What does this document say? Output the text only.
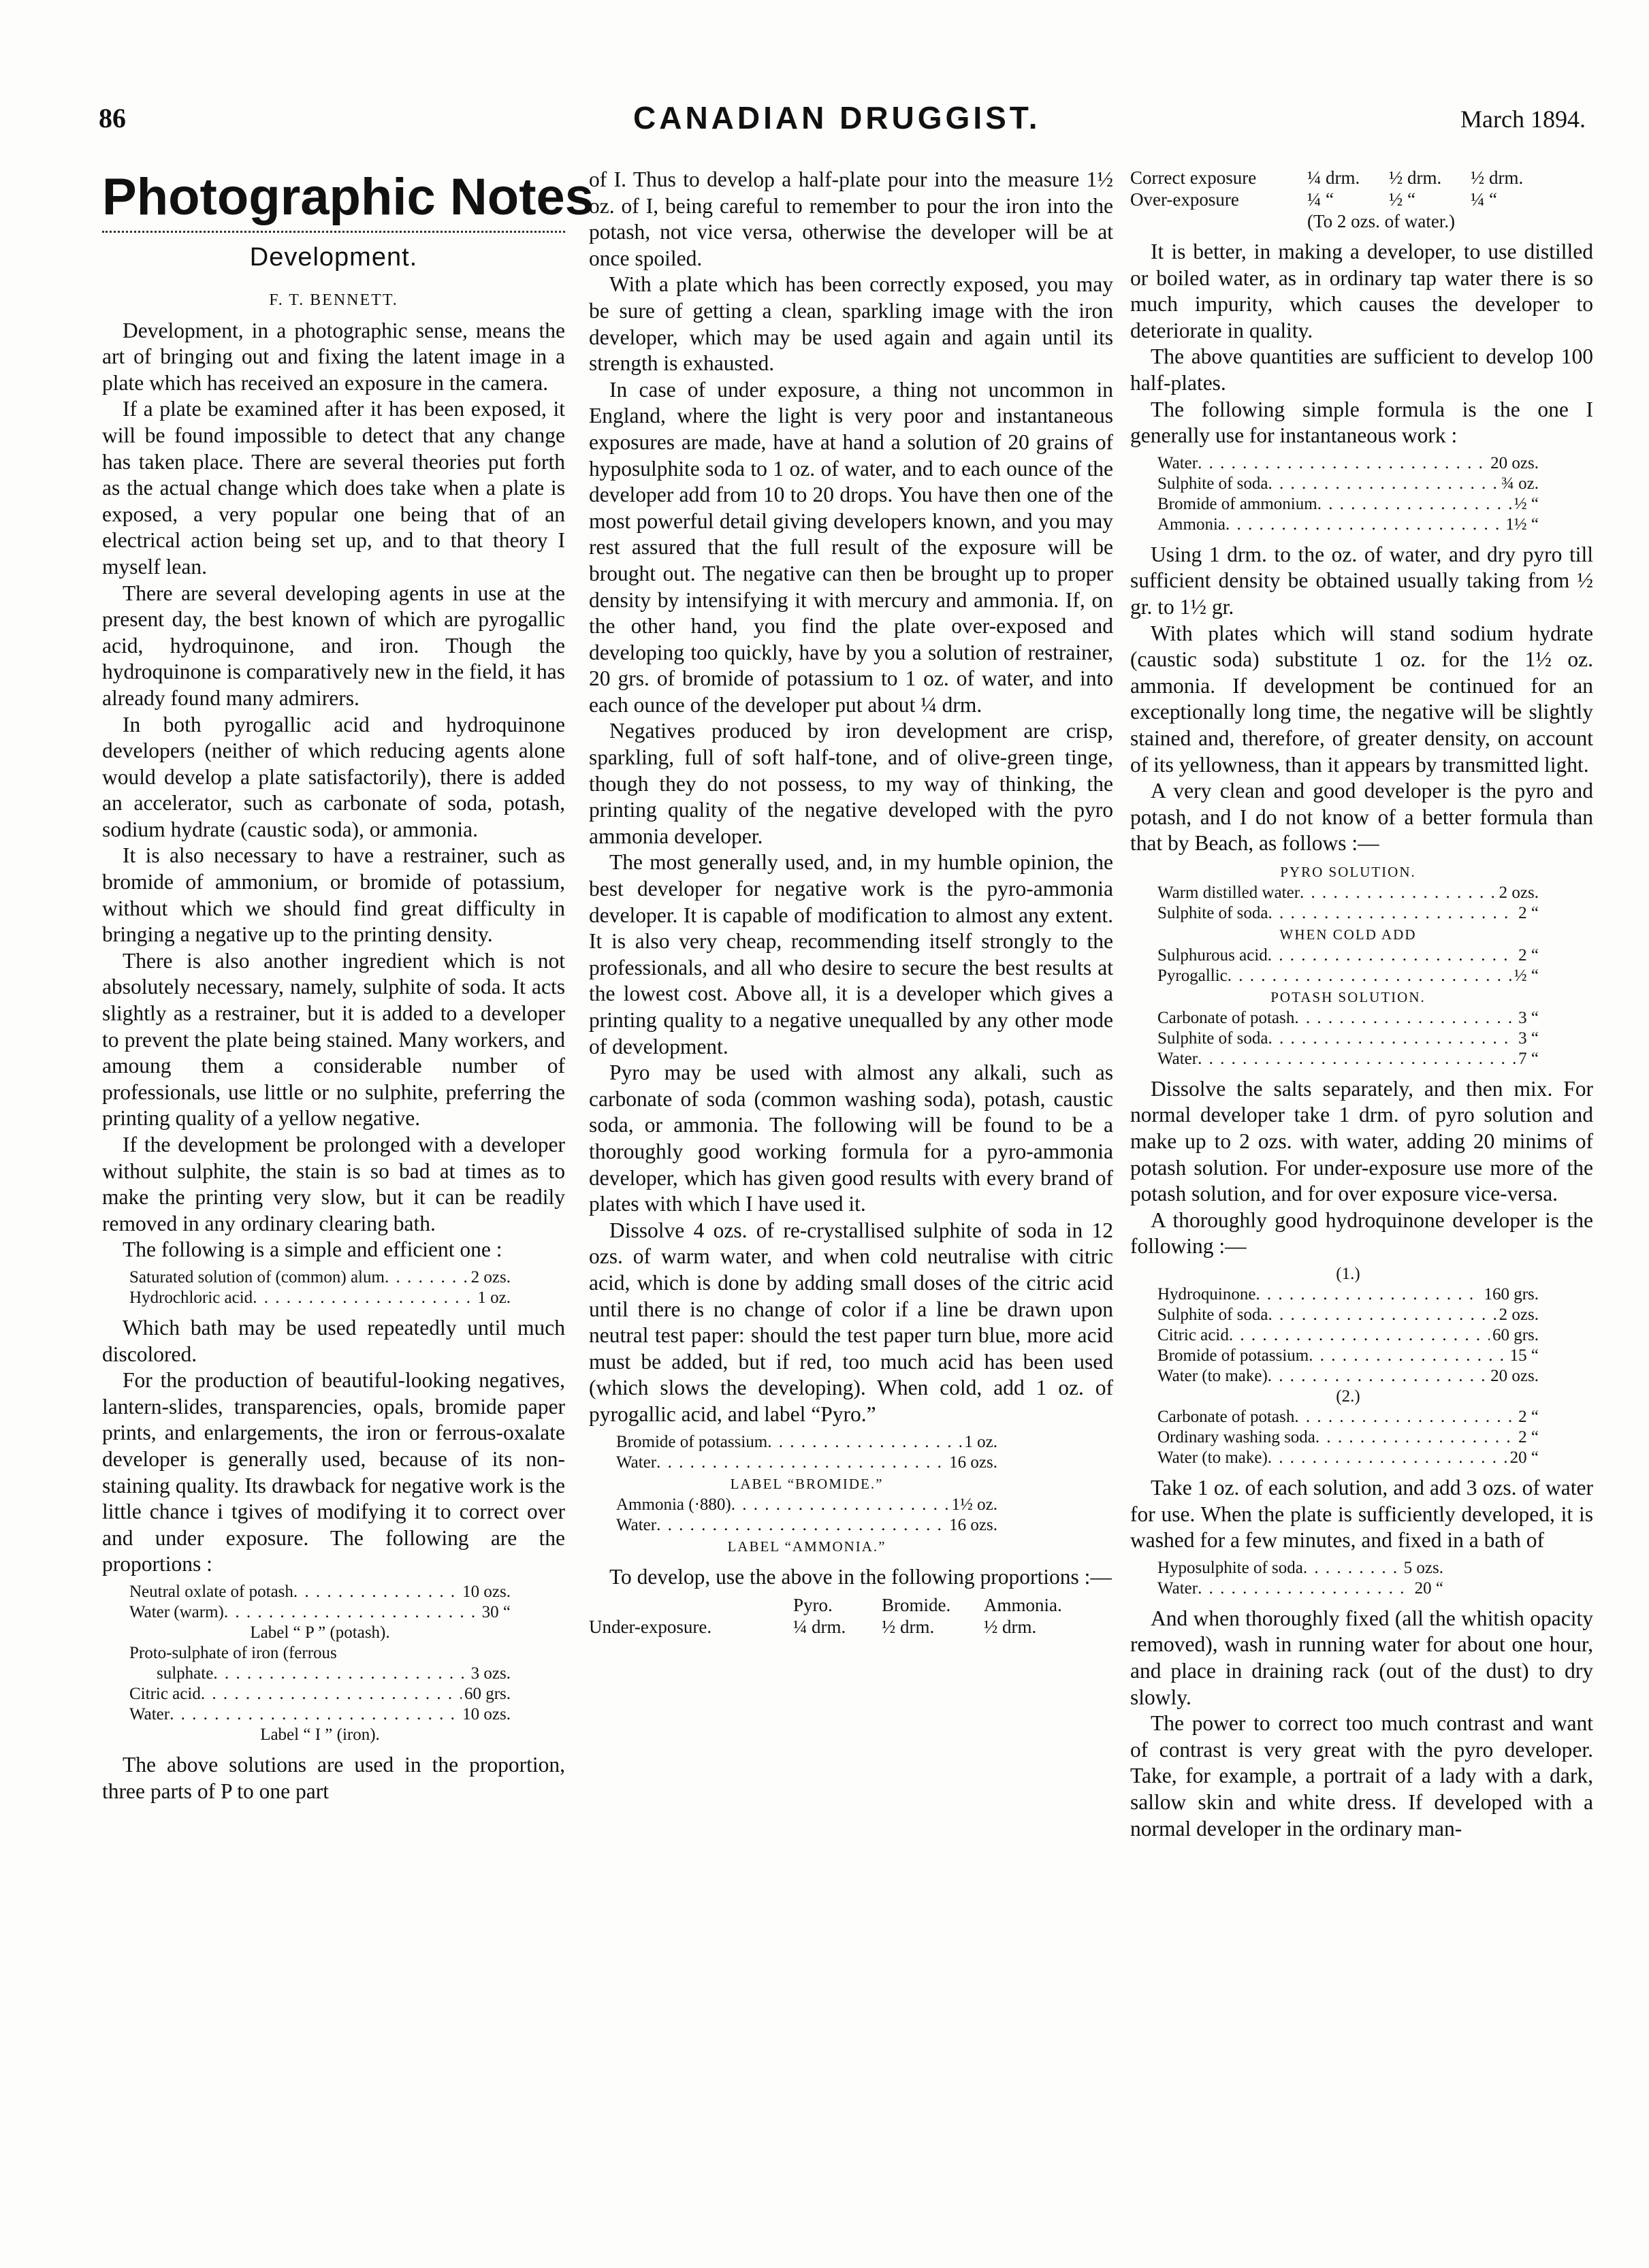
86	CANADIAN DRUGGIST.	March 1894.
Photographic Notes
Development.
F. T. BENNETT.

Development, in a photographic sense, means the art of bringing out and fixing the latent image in a plate which has received an exposure in the camera.

If a plate be examined after it has been exposed, it will be found impossible to detect that any change has taken place. There are several theories put forth as the actual change which does take when a plate is exposed, a very popular one being that of an electrical action being set up, and to that theory I myself lean.

There are several developing agents in use at the present day, the best known of which are pyrogallic acid, hydroquinone, and iron. Though the hydroquinone is comparatively new in the field, it has already found many admirers.

In both pyrogallic acid and hydroquinone developers (neither of which reducing agents alone would develop a plate satisfactorily), there is added an accelerator, such as carbonate of soda, potash, sodium hydrate (caustic soda), or ammonia.

It is also necessary to have a restrainer, such as bromide of ammonium, or bromide of potassium, without which we should find great difficulty in bringing a negative up to the printing density.

There is also another ingredient which is not absolutely necessary, namely, sulphite of soda. It acts slightly as a restrainer, but it is added to a developer to prevent the plate being stained. Many workers, and amoung them a considerable number of professionals, use little or no sulphite, preferring the printing quality of a yellow negative.

If the development be prolonged with a developer without sulphite, the stain is so bad at times as to make the printing very slow, but it can be readily removed in any ordinary clearing bath.

The following is a simple and efficient one :

Saturated solution of (common) alum . . .	2 ozs.
Hydrochloric acid . . .	1 oz.

Which bath may be used repeatedly until much discolored.

For the production of beautiful-looking negatives, lantern-slides, transparencies, opals, bromide paper prints, and enlargements, the iron or ferrous-oxalate developer is generally used, because of its non-staining quality. Its drawback for negative work is the little chance i tgives of modifying it to correct over and under exposure. The following are the proportions :

Neutral oxlate of potash . . .	10 ozs.
Water (warm) . . .	30 “
Label “ P ” (potash).
Proto-sulphate of iron (ferrous
sulphate . . .	3 ozs.
Citric acid . . .	60 grs.
Water . . .	10 ozs.
Label “ I ” (iron).

The above solutions are used in the proportion, three parts of P to one part

of I. Thus to develop a half-plate pour into the measure 1½ oz. of I, being careful to remember to pour the iron into the potash, not vice versa, otherwise the developer will be at once spoiled.

With a plate which has been correctly exposed, you may be sure of getting a clean, sparkling image with the iron developer, which may be used again and again until its strength is exhausted.

In case of under exposure, a thing not uncommon in England, where the light is very poor and instantaneous exposures are made, have at hand a solution of 20 grains of hyposulphite soda to 1 oz. of water, and to each ounce of the developer add from 10 to 20 drops. You have then one of the most powerful detail giving developers known, and you may rest assured that the full result of the exposure will be brought out. The negative can then be brought up to proper density by intensifying it with mercury and ammonia. If, on the other hand, you find the plate over-exposed and developing too quickly, have by you a solution of restrainer, 20 grs. of bromide of potassium to 1 oz. of water, and into each ounce of the developer put about ¼ drm.

Negatives produced by iron development are crisp, sparkling, full of soft half-tone, and of olive-green tinge, though they do not possess, to my way of thinking, the printing quality of the negative developed with the pyro ammonia developer.

The most generally used, and, in my humble opinion, the best developer for negative work is the pyro-ammonia developer. It is capable of modification to almost any extent. It is also very cheap, recommending itself strongly to the professionals, and all who desire to secure the best results at the lowest cost. Above all, it is a developer which gives a printing quality to a negative unequalled by any other mode of development.

Pyro may be used with almost any alkali, such as carbonate of soda (common washing soda), potash, caustic soda, or ammonia. The following will be found to be a thoroughly good working formula for a pyro-ammonia developer, which has given good results with every brand of plates with which I have used it.

Dissolve 4 ozs. of re-crystallised sulphite of soda in 12 ozs. of warm water, and when cold neutralise with citric acid, which is done by adding small doses of the citric acid until there is no change of color if a line be drawn upon neutral test paper: should the test paper turn blue, more acid must be added, but if red, too much acid has been used (which slows the developing). When cold, add 1 oz. of pyrogallic acid, and label “Pyro.”

Bromide of potassium . . .	1 oz.
Water . . .	16 ozs.
LABEL “BROMIDE.”
Ammonia (·880) . . .	1½ oz.
Water . . .	16 ozs.
LABEL “AMMONIA.”

To develop, use the above in the following proportions :—

Pyro.	Bromide.	Ammonia.
Under-exposure.	¼ drm.	½ drm.	½ drm.
Correct exposure	¼ drm.	½ drm.	½ drm.
Over-exposure	¼ “	½ “	¼ “
(To 2 ozs. of water.)

It is better, in making a developer, to use distilled or boiled water, as in ordinary tap water there is so much impurity, which causes the developer to deteriorate in quality.

The above quantities are sufficient to develop 100 half-plates.

The following simple formula is the one I generally use for instantaneous work :

Water . . .	20 ozs.
Sulphite of soda . . .	¾ oz.
Bromide of ammonium . . .	½ “
Ammonia . . .	1½ “

Using 1 drm. to the oz. of water, and dry pyro till sufficient density be obtained usually taking from ½ gr. to 1½ gr.

With plates which will stand sodium hydrate (caustic soda) substitute 1 oz. for the 1½ oz. ammonia. If development be continued for an exceptionally long time, the negative will be slightly stained and, therefore, of greater density, on account of its yellowness, than it appears by transmitted light.

A very clean and good developer is the pyro and potash, and I do not know of a better formula than that by Beach, as follows :—

PYRO SOLUTION.
Warm distilled water . . .	2 ozs.
Sulphite of soda . . .	2 “
WHEN COLD ADD
Sulphurous acid . . .	2 “
Pyrogallic . . .	½ “
POTASH SOLUTION.
Carbonate of potash . . .	3 “
Sulphite of soda . . .	3 “
Water . . .	7 “

Dissolve the salts separately, and then mix. For normal developer take 1 drm. of pyro solution and make up to 2 ozs. with water, adding 20 minims of potash solution. For under-exposure use more of the potash solution, and for over exposure vice-versa.

A thoroughly good hydroquinone developer is the following :—

(1.)
Hydroquinone . . .	160 grs.
Sulphite of soda . . .	2 ozs.
Citric acid . . .	60 grs.
Bromide of potassium . . .	15 “
Water (to make) . . .	20 ozs.
(2.)
Carbonate of potash . . .	2 “
Ordinary washing soda . . .	2 “
Water (to make) . . .	20 “

Take 1 oz. of each solution, and add 3 ozs. of water for use. When the plate is sufficiently developed, it is washed for a few minutes, and fixed in a bath of

Hyposulphite of soda . . .	5 ozs.
Water . . .	20 “

And when thoroughly fixed (all the whitish opacity removed), wash in running water for about one hour, and place in draining rack (out of the dust) to dry slowly.

The power to correct too much contrast and want of contrast is very great with the pyro developer. Take, for example, a portrait of a lady with a dark, sallow skin and white dress. If developed with a normal developer in the ordinary man-
